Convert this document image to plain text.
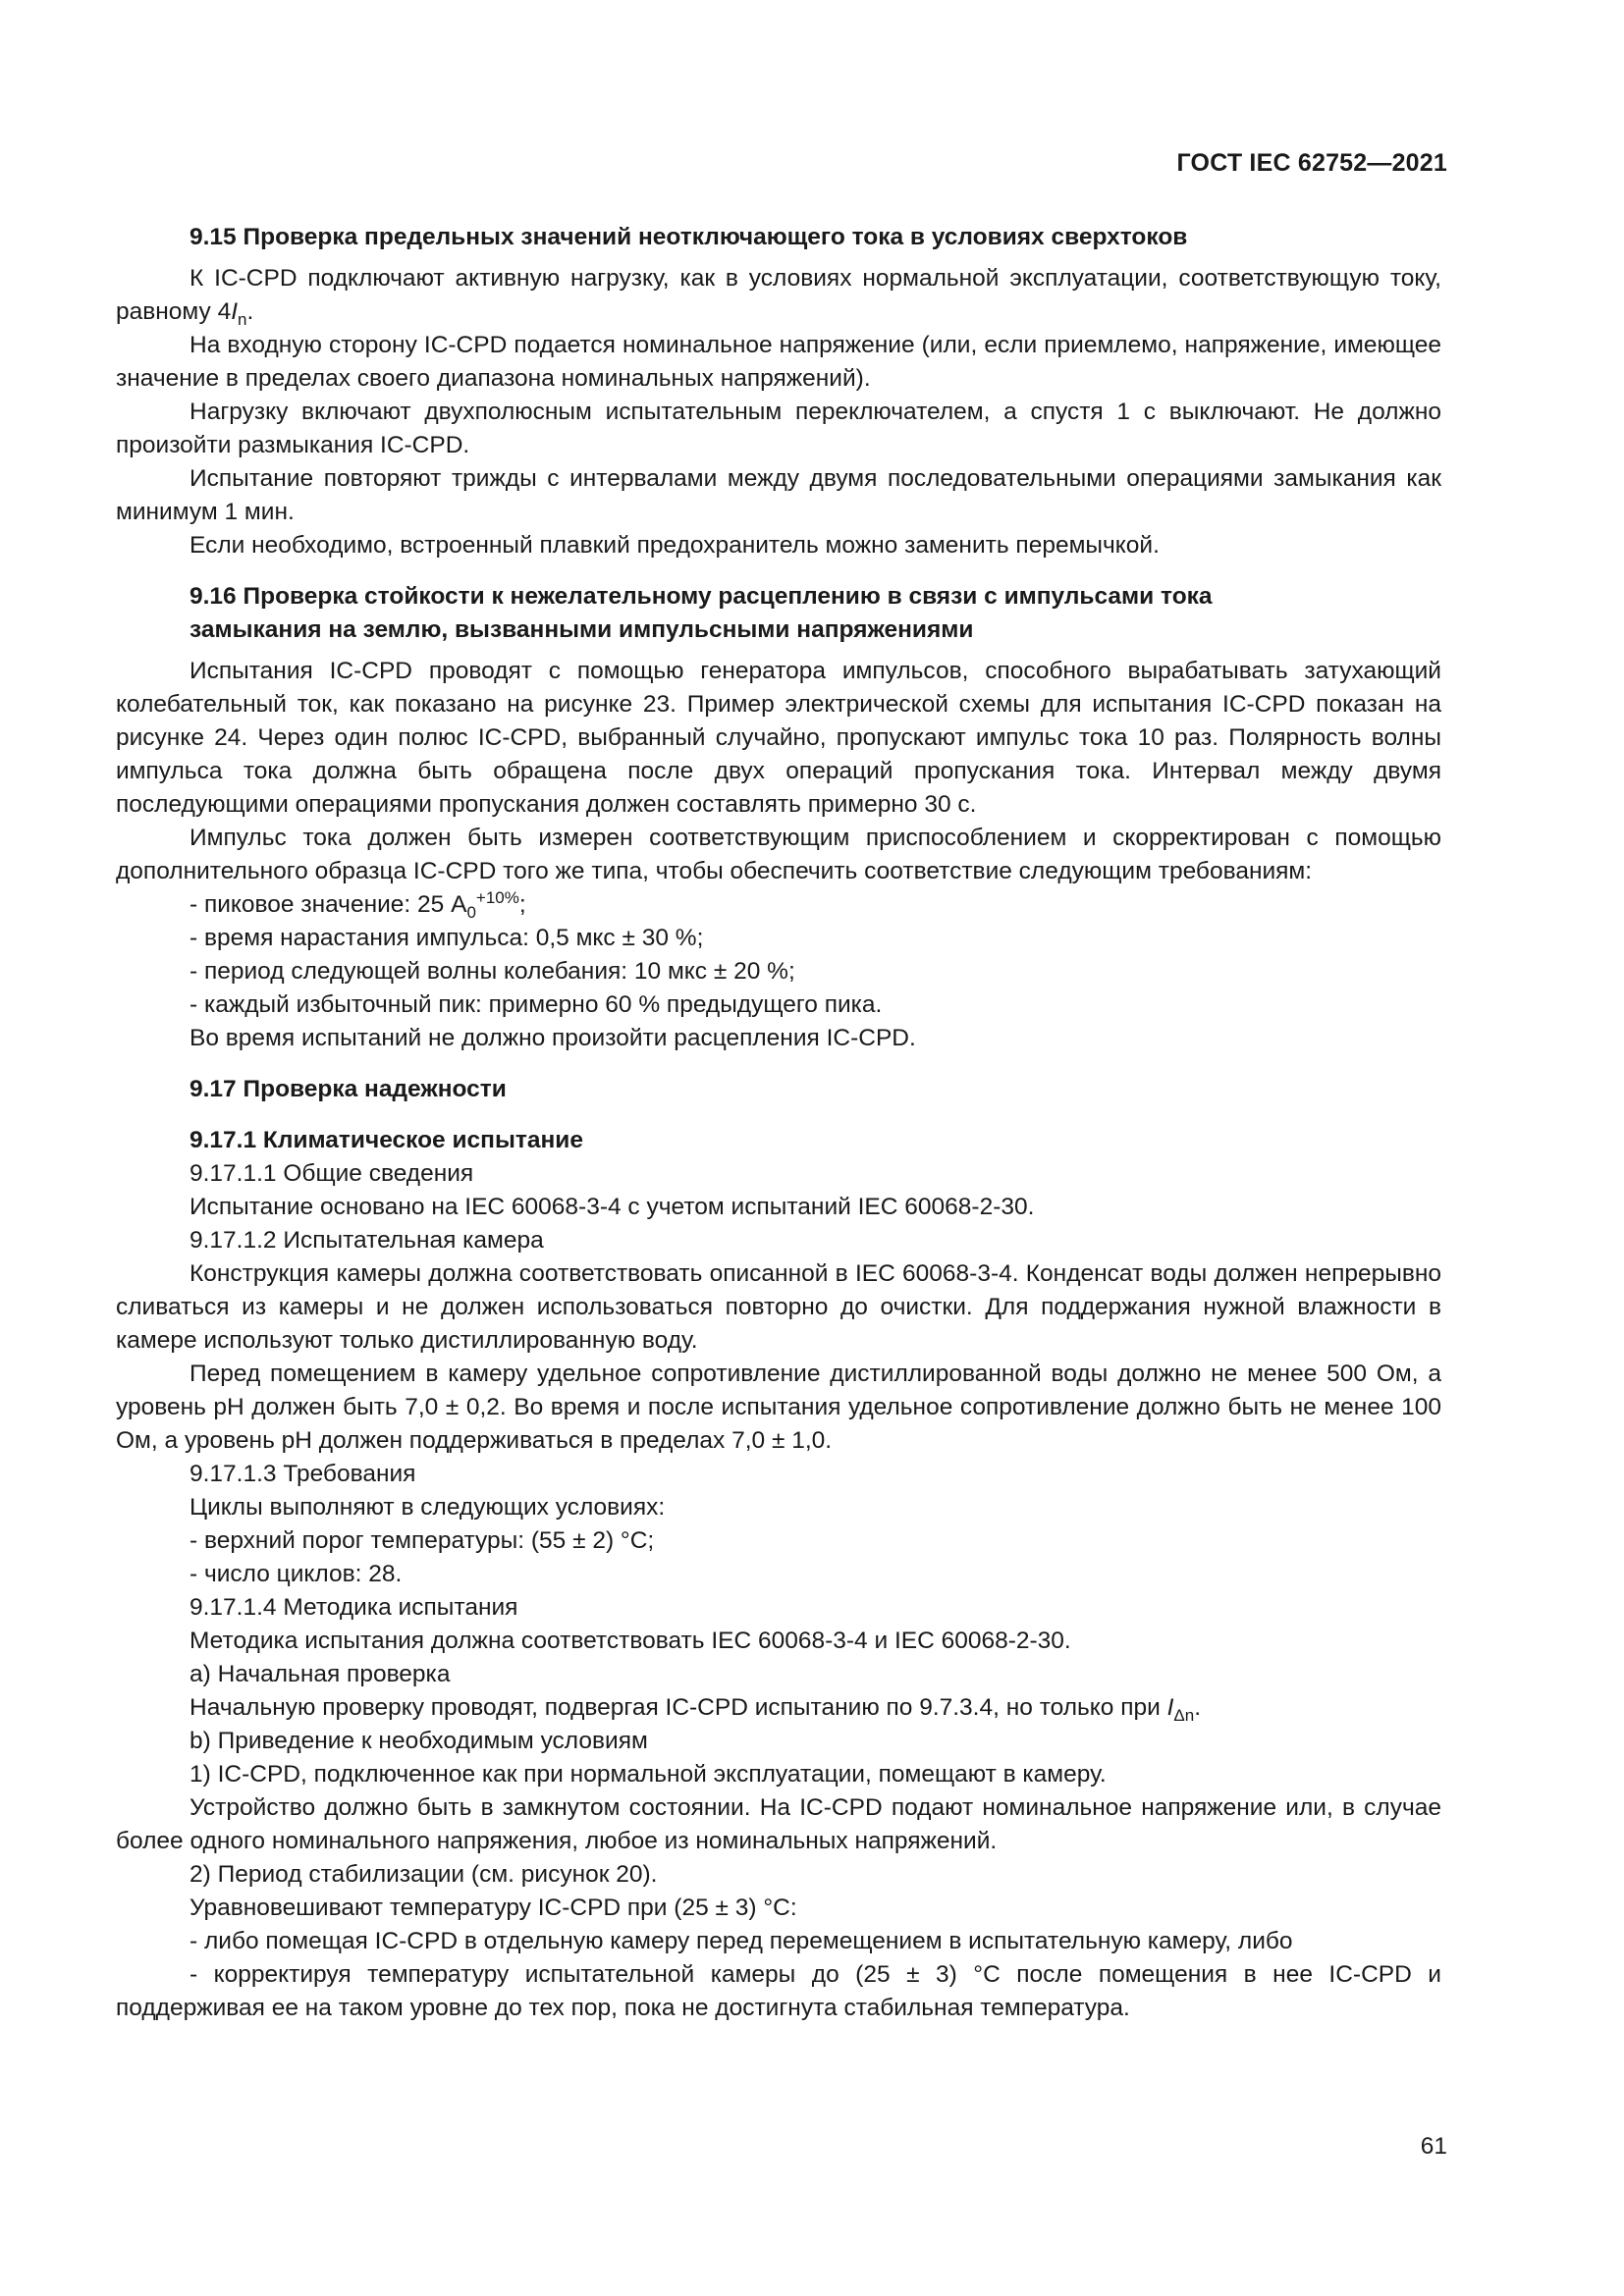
ГОСТ IEC 62752—2021
9.15 Проверка предельных значений неотключающего тока в условиях сверхтоков

К IC-CPD подключают активную нагрузку, как в условиях нормальной эксплуатации, соответствующую току, равному $4I_n$.

На входную сторону IC-CPD подается номинальное напряжение (или, если приемлемо, напряжение, имеющее значение в пределах своего диапазона номинальных напряжений).

Нагрузку включают двухполюсным испытательным переключателем, а спустя 1 с выключают. Не должно произойти размыкания IC-CPD.

Испытание повторяют трижды с интервалами между двумя последовательными операциями замыкания как минимум 1 мин.

Если необходимо, встроенный плавкий предохранитель можно заменить перемычкой.

9.16 Проверка стойкости к нежелательному расцеплению в связи с импульсами тока
замыкания на землю, вызванными импульсными напряжениями

Испытания IC-CPD проводят с помощью генератора импульсов, способного вырабатывать затухающий колебательный ток, как показано на рисунке 23. Пример электрической схемы для испытания IC-CPD показан на рисунке 24. Через один полюс IC-CPD, выбранный случайно, пропускают импульс тока 10 раз. Полярность волны импульса тока должна быть обращена после двух операций пропускания тока. Интервал между двумя последующими операциями пропускания должен составлять примерно 30 с.

Импульс тока должен быть измерен соответствующим приспособлением и скорректирован с помощью дополнительного образца IC-CPD того же типа, чтобы обеспечить соответствие следующим требованиям:

- пиковое значение: 25 $A_0^{+10\%}$;
- время нарастания импульса: 0,5 мкс ± 30 %;
- период следующей волны колебания: 10 мкс ± 20 %;
- каждый избыточный пик: примерно 60 % предыдущего пика.

Во время испытаний не должно произойти расцепления IC-CPD.

9.17 Проверка надежности
9.17.1 Климатическое испытание
9.17.1.1 Общие сведения

Испытание основано на IEC 60068-3-4 с учетом испытаний IEC 60068-2-30.

9.17.1.2 Испытательная камера

Конструкция камеры должна соответствовать описанной в IEC 60068-3-4. Конденсат воды должен непрерывно сливаться из камеры и не должен использоваться повторно до очистки. Для поддержания нужной влажности в камере используют только дистиллированную воду.

Перед помещением в камеру удельное сопротивление дистиллированной воды должно не менее 500 Ом, а уровень pH должен быть 7,0 ± 0,2. Во время и после испытания удельное сопротивление должно быть не менее 100 Ом, а уровень pH должен поддерживаться в пределах 7,0 ± 1,0.

9.17.1.3 Требования
Циклы выполняют в следующих условиях:
- верхний порог температуры: (55 ± 2) °C;
- число циклов: 28.
9.17.1.4 Методика испытания
Методика испытания должна соответствовать IEC 60068-3-4 и IEC 60068-2-30.
a) Начальная проверка
Начальную проверку проводят, подвергая IC-CPD испытанию по 9.7.3.4, но только при $I_{\Delta n}$.
b) Приведение к необходимым условиям
1) IC-CPD, подключенное как при нормальной эксплуатации, помещают в камеру.

Устройство должно быть в замкнутом состоянии. На IC-CPD подают номинальное напряжение или, в случае более одного номинального напряжения, любое из номинальных напряжений.

2) Период стабилизации (см. рисунок 20).
Уравновешивают температуру IC-CPD при (25 ± 3) °C:
- либо помещая IC-CPD в отдельную камеру перед перемещением в испытательную камеру, либо

- корректируя температуру испытательной камеры до (25 ± 3) °C после помещения в нее IC-CPD и поддерживая ее на таком уровне до тех пор, пока не достигнута стабильная температура.

61
